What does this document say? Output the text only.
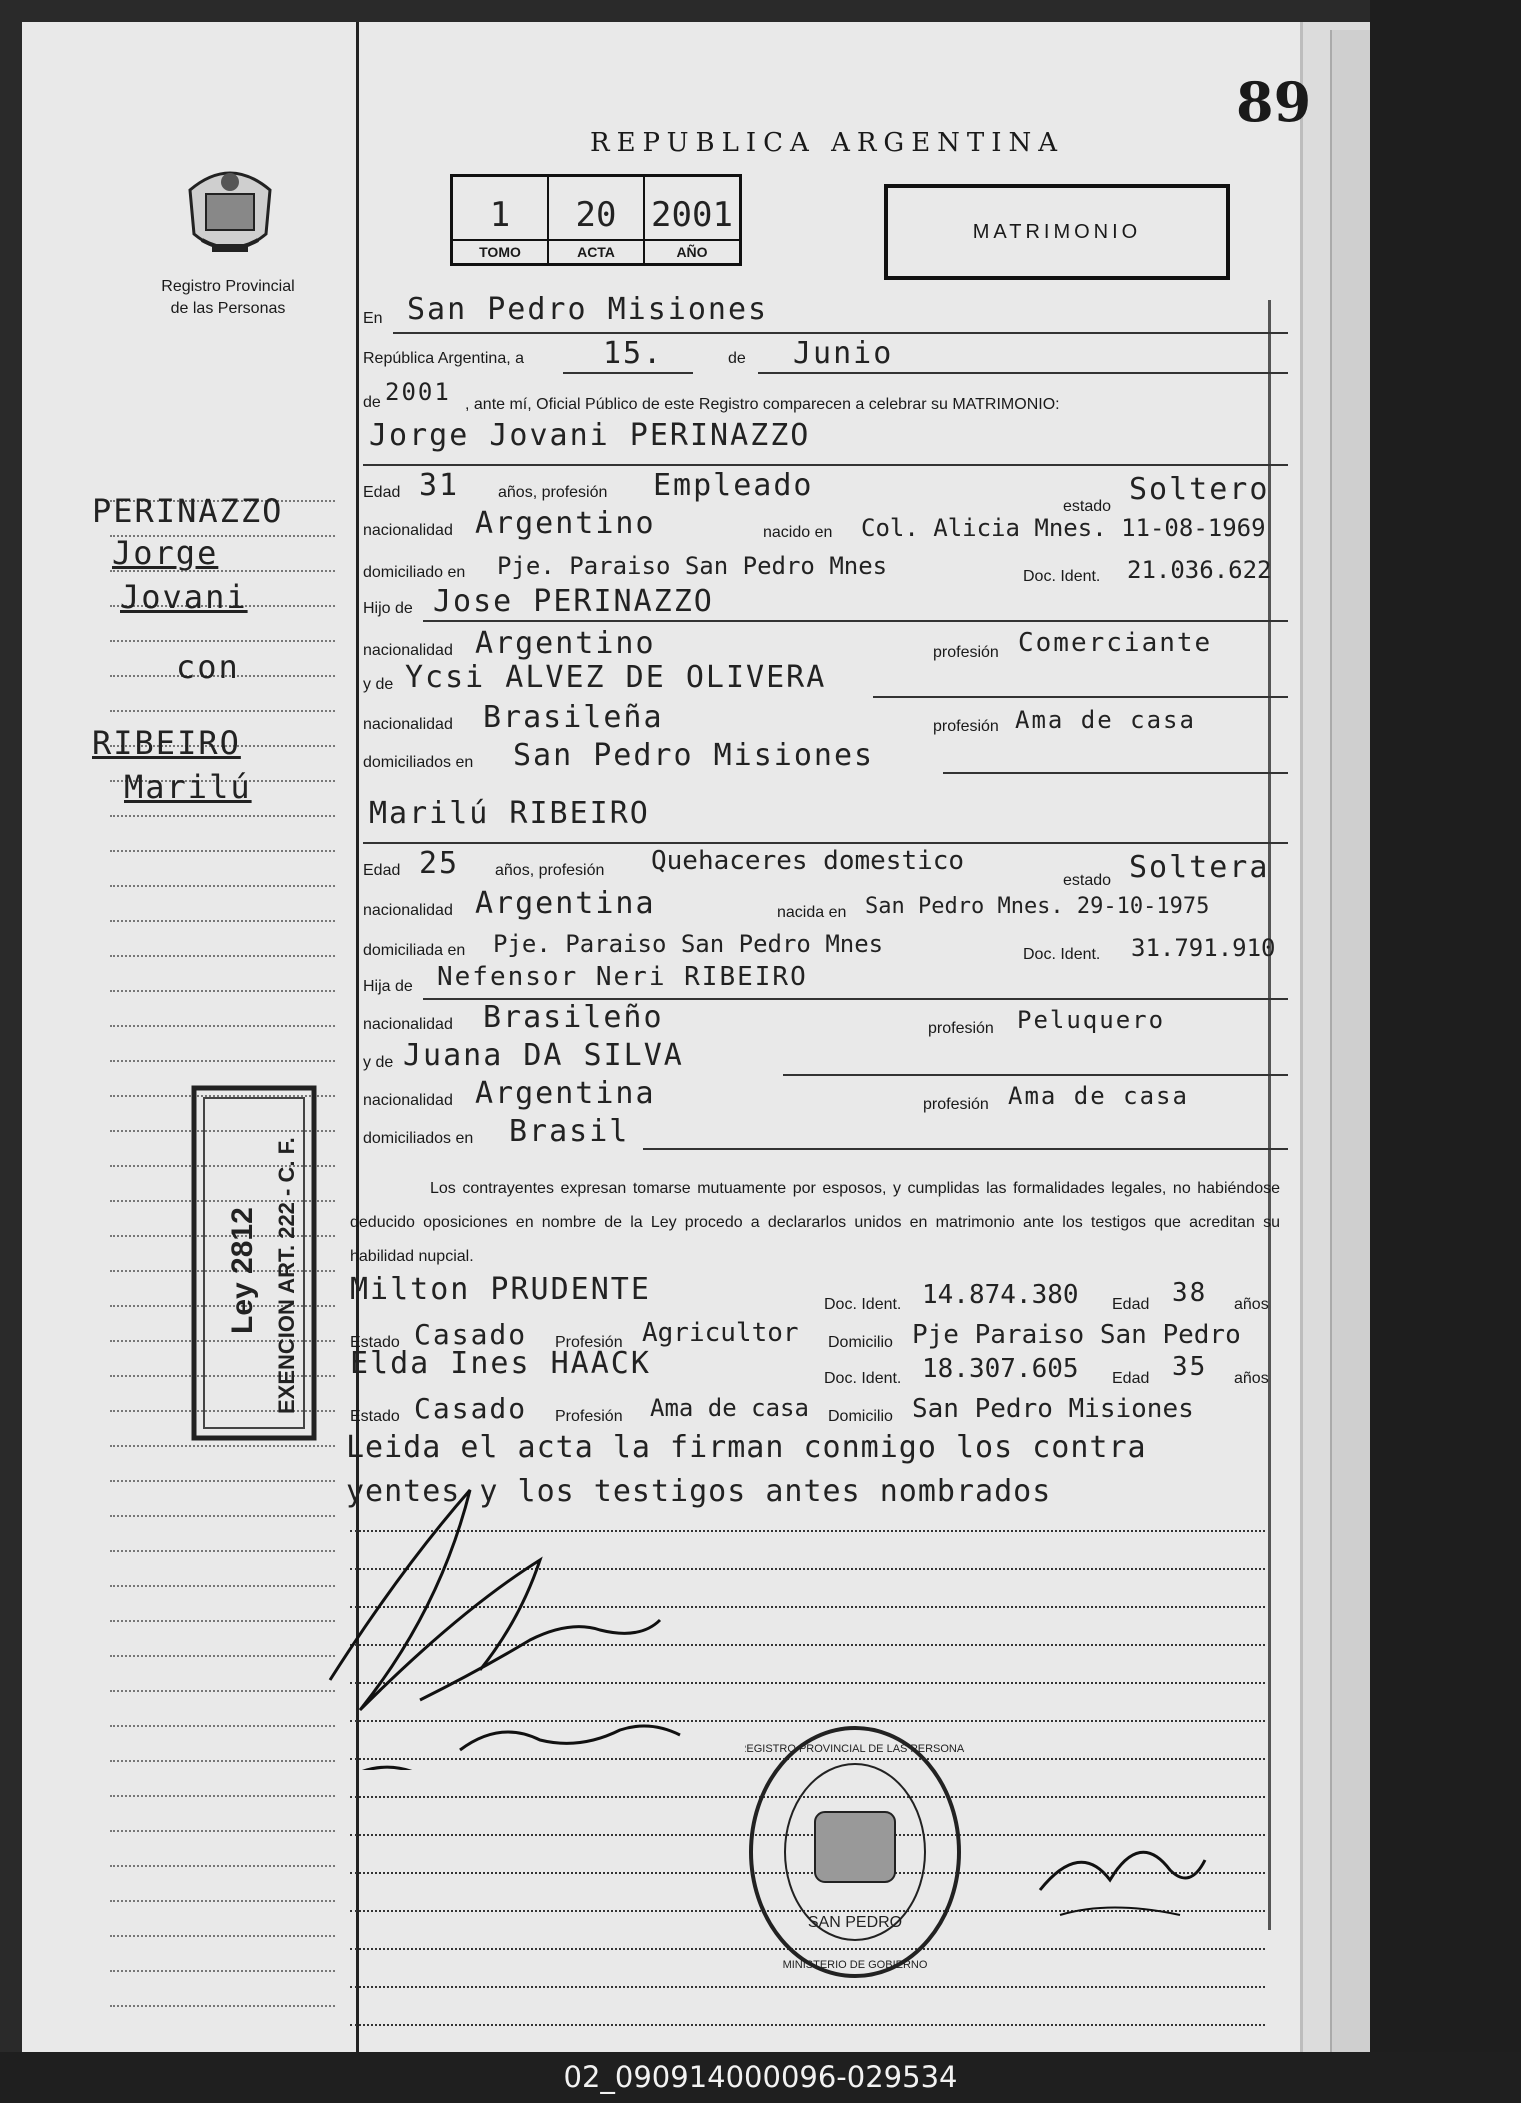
89
REPUBLICA ARGENTINA
Registro Provincial
de las Personas
1
TOMO
20
ACTA
2001
AÑO
MATRIMONIO
PERINAZZO
Jorge
Jovani
con
RIBEIRO
Marilú
Ley 2812 EXENCION ART. 222 - C. F.
En San Pedro Misiones
República Argentina, a	15.	de Junio
de 2001 , ante mí, Oficial Público de este Registro comparecen a celebrar su MATRIMONIO:
Jorge Jovani PERINAZZO
Edad 31 años, profesión Empleado
estado Soltero
nacionalidad Argentino	nacido en Col. Alicia Mnes. 11-08-1969
domiciliado en Pje. Paraiso San Pedro Mnes	Doc. Ident. 21.036.622
Hijo de Jose PERINAZZO
nacionalidad Argentino	profesión Comerciante
y de Ycsi ALVEZ DE OLIVERA
nacionalidad Brasileña	profesión Ama de casa
domiciliados en San Pedro Misiones
Marilú RIBEIRO
Edad 25 años, profesión Quehaceres domestico
estado Soltera
nacionalidad Argentina	nacida en San Pedro Mnes. 29-10-1975
domiciliada en Pje. Paraiso San Pedro Mnes	Doc. Ident. 31.791.910
Hija de Nefensor Neri RIBEIRO
nacionalidad Brasileño	profesión Peluquero
y de Juana DA SILVA
nacionalidad Argentina	profesión Ama de casa
domiciliados en Brasil
Los contrayentes expresan tomarse mutuamente por esposos, y cumplidas las formalidades legales, no habiéndose deducido oposiciones en nombre de la Ley procedo a declararlos unidos en matrimonio ante los testigos que acreditan su habilidad nupcial.
Milton PRUDENTE	Doc. Ident. 14.874.380 Edad 38 años
Estado Casado Profesión Agricultor Domicilio Pje Paraiso San Pedro
Elda Ines HAACK	Doc. Ident. 18.307.605 Edad 35 años
Estado Casado Profesión Ama de casa Domicilio San Pedro Misiones
Leida el acta la firman conmigo los contra
yentes y los testigos antes nombrados
SAN PEDRO
REGISTRO PROVINCIAL DE LAS PERSONAS
MINISTERIO DE GOBIERNO
02_090914000096-029534
